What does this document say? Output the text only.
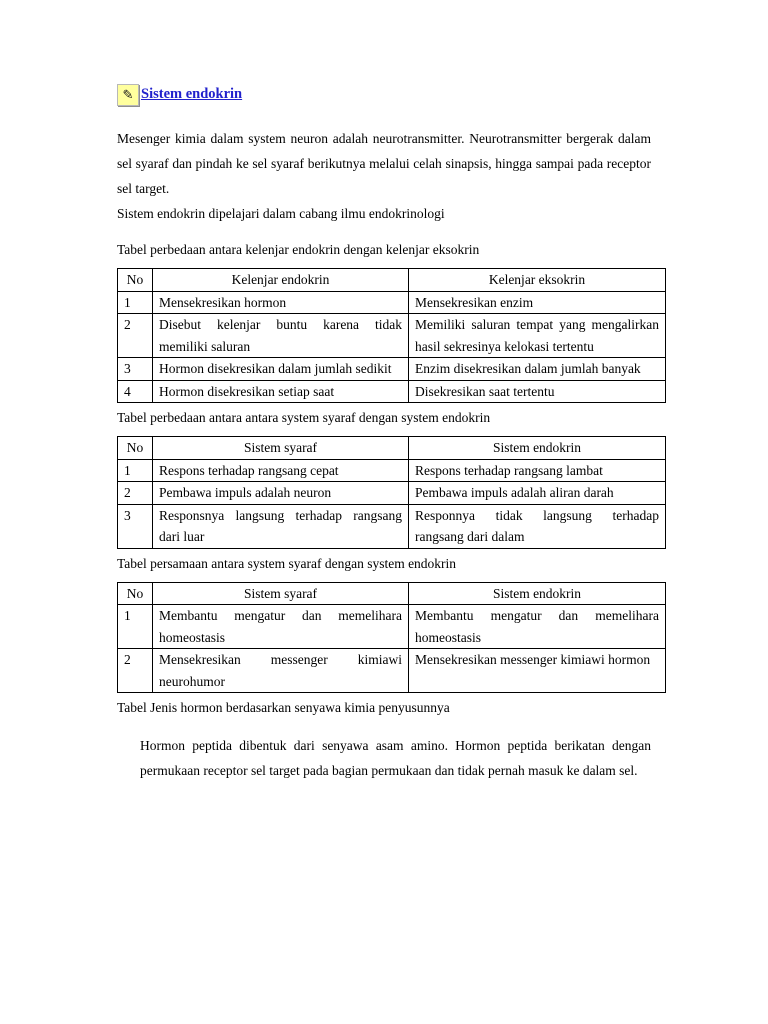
✎ Sistem endokrin

Mesenger kimia dalam system neuron adalah neurotransmitter. Neurotransmitter bergerak dalam sel syaraf dan pindah ke sel syaraf berikutnya melalui celah sinapsis, hingga sampai pada receptor sel target.

Sistem endokrin dipelajari dalam cabang ilmu endokrinologi

Tabel perbedaan antara kelenjar endokrin dengan kelenjar eksokrin
No	Kelenjar endokrin	Kelenjar eksokrin
1	Mensekresikan hormon	Mensekresikan enzim
2	Disebut kelenjar buntu karena tidak memiliki saluran	Memiliki saluran tempat yang mengalirkan hasil sekresinya kelokasi tertentu
3	Hormon disekresikan dalam jumlah sedikit	Enzim disekresikan dalam jumlah banyak
4	Hormon disekresikan setiap saat	Disekresikan saat tertentu
Tabel perbedaan antara antara system syaraf dengan system endokrin
No	Sistem syaraf	Sistem endokrin
1	Respons terhadap rangsang cepat	Respons terhadap rangsang lambat
2	Pembawa impuls adalah neuron	Pembawa impuls adalah aliran darah
3	Responsnya langsung terhadap rangsang dari luar	Responnya tidak langsung terhadap rangsang dari dalam
Tabel persamaan antara system syaraf dengan system endokrin
No	Sistem syaraf	Sistem endokrin
1	Membantu mengatur dan memelihara homeostasis	Membantu mengatur dan memelihara homeostasis
2	Mensekresikan messenger kimiawi neurohumor	Mensekresikan messenger kimiawi hormon
Tabel Jenis hormon berdasarkan senyawa kimia penyusunnya

Hormon peptida dibentuk dari senyawa asam amino. Hormon peptida berikatan dengan permukaan receptor sel target pada bagian permukaan dan tidak pernah masuk ke dalam sel.
